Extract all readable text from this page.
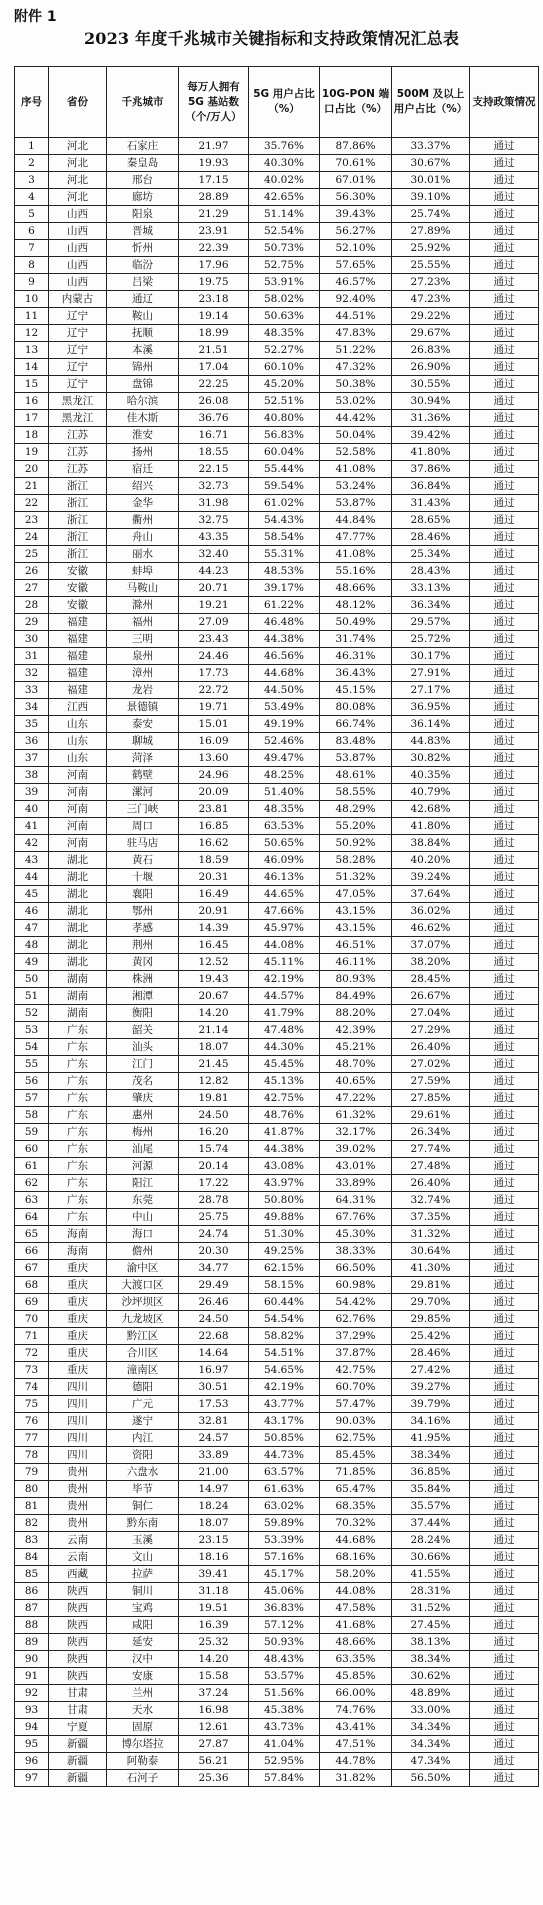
附件 1
2023 年度千兆城市关键指标和支持政策情况汇总表
序号	省份	千兆城市	每万人拥有 5G 基站数（个/万人）	5G 用户占比（%）	10G-PON 端口占比（%）	500M 及以上用户占比（%）	支持政策情况
1	河北	石家庄	21.97	35.76%	87.86%	33.37%	通过
2	河北	秦皇岛	19.93	40.30%	70.61%	30.67%	通过
3	河北	邢台	17.15	40.02%	67.01%	30.01%	通过
4	河北	廊坊	28.89	42.65%	56.30%	39.10%	通过
5	山西	阳泉	21.29	51.14%	39.43%	25.74%	通过
6	山西	晋城	23.91	52.54%	56.27%	27.89%	通过
7	山西	忻州	22.39	50.73%	52.10%	25.92%	通过
8	山西	临汾	17.96	52.75%	57.65%	25.55%	通过
9	山西	吕梁	19.75	53.91%	46.57%	27.23%	通过
10	内蒙古	通辽	23.18	58.02%	92.40%	47.23%	通过
11	辽宁	鞍山	19.14	50.63%	44.51%	29.22%	通过
12	辽宁	抚顺	18.99	48.35%	47.83%	29.67%	通过
13	辽宁	本溪	21.51	52.27%	51.22%	26.83%	通过
14	辽宁	锦州	17.04	60.10%	47.32%	26.90%	通过
15	辽宁	盘锦	22.25	45.20%	50.38%	30.55%	通过
16	黑龙江	哈尔滨	26.08	52.51%	53.02%	30.94%	通过
17	黑龙江	佳木斯	36.76	40.80%	44.42%	31.36%	通过
18	江苏	淮安	16.71	56.83%	50.04%	39.42%	通过
19	江苏	扬州	18.55	60.04%	52.58%	41.80%	通过
20	江苏	宿迁	22.15	55.44%	41.08%	37.86%	通过
21	浙江	绍兴	32.73	59.54%	53.24%	36.84%	通过
22	浙江	金华	31.98	61.02%	53.87%	31.43%	通过
23	浙江	衢州	32.75	54.43%	44.84%	28.65%	通过
24	浙江	舟山	43.35	58.54%	47.77%	28.46%	通过
25	浙江	丽水	32.40	55.31%	41.08%	25.34%	通过
26	安徽	蚌埠	44.23	48.53%	55.16%	28.43%	通过
27	安徽	马鞍山	20.71	39.17%	48.66%	33.13%	通过
28	安徽	滁州	19.21	61.22%	48.12%	36.34%	通过
29	福建	福州	27.09	46.48%	50.49%	29.57%	通过
30	福建	三明	23.43	44.38%	31.74%	25.72%	通过
31	福建	泉州	24.46	46.56%	46.31%	30.17%	通过
32	福建	漳州	17.73	44.68%	36.43%	27.91%	通过
33	福建	龙岩	22.72	44.50%	45.15%	27.17%	通过
34	江西	景德镇	19.71	53.49%	80.08%	36.95%	通过
35	山东	泰安	15.01	49.19%	66.74%	36.14%	通过
36	山东	聊城	16.09	52.46%	83.48%	44.83%	通过
37	山东	菏泽	13.60	49.47%	53.87%	30.82%	通过
38	河南	鹤壁	24.96	48.25%	48.61%	40.35%	通过
39	河南	漯河	20.09	51.40%	58.55%	40.79%	通过
40	河南	三门峡	23.81	48.35%	48.29%	42.68%	通过
41	河南	周口	16.85	63.53%	55.20%	41.80%	通过
42	河南	驻马店	16.62	50.65%	50.92%	38.84%	通过
43	湖北	黄石	18.59	46.09%	58.28%	40.20%	通过
44	湖北	十堰	20.31	46.13%	51.32%	39.24%	通过
45	湖北	襄阳	16.49	44.65%	47.05%	37.64%	通过
46	湖北	鄂州	20.91	47.66%	43.15%	36.02%	通过
47	湖北	孝感	14.39	45.97%	43.15%	46.62%	通过
48	湖北	荆州	16.45	44.08%	46.51%	37.07%	通过
49	湖北	黄冈	12.52	45.11%	46.11%	38.20%	通过
50	湖南	株洲	19.43	42.19%	80.93%	28.45%	通过
51	湖南	湘潭	20.67	44.57%	84.49%	26.67%	通过
52	湖南	衡阳	14.20	41.79%	88.20%	27.04%	通过
53	广东	韶关	21.14	47.48%	42.39%	27.29%	通过
54	广东	汕头	18.07	44.30%	45.21%	26.40%	通过
55	广东	江门	21.45	45.45%	48.70%	27.02%	通过
56	广东	茂名	12.82	45.13%	40.65%	27.59%	通过
57	广东	肇庆	19.81	42.75%	47.22%	27.85%	通过
58	广东	惠州	24.50	48.76%	61.32%	29.61%	通过
59	广东	梅州	16.20	41.87%	32.17%	26.34%	通过
60	广东	汕尾	15.74	44.38%	39.02%	27.74%	通过
61	广东	河源	20.14	43.08%	43.01%	27.48%	通过
62	广东	阳江	17.22	43.97%	33.89%	26.40%	通过
63	广东	东莞	28.78	50.80%	64.31%	32.74%	通过
64	广东	中山	25.75	49.88%	67.76%	37.35%	通过
65	海南	海口	24.74	51.30%	45.30%	31.32%	通过
66	海南	儋州	20.30	49.25%	38.33%	30.64%	通过
67	重庆	渝中区	34.77	62.15%	66.50%	41.30%	通过
68	重庆	大渡口区	29.49	58.15%	60.98%	29.81%	通过
69	重庆	沙坪坝区	26.46	60.44%	54.42%	29.70%	通过
70	重庆	九龙坡区	24.50	54.54%	62.76%	29.85%	通过
71	重庆	黔江区	22.68	58.82%	37.29%	25.42%	通过
72	重庆	合川区	14.64	54.51%	37.87%	28.46%	通过
73	重庆	潼南区	16.97	54.65%	42.75%	27.42%	通过
74	四川	德阳	30.51	42.19%	60.70%	39.27%	通过
75	四川	广元	17.53	43.77%	57.47%	39.79%	通过
76	四川	遂宁	32.81	43.17%	90.03%	34.16%	通过
77	四川	内江	24.57	50.85%	62.75%	41.95%	通过
78	四川	资阳	33.89	44.73%	85.45%	38.34%	通过
79	贵州	六盘水	21.00	63.57%	71.85%	36.85%	通过
80	贵州	毕节	14.97	61.63%	65.47%	35.84%	通过
81	贵州	铜仁	18.24	63.02%	68.35%	35.57%	通过
82	贵州	黔东南	18.07	59.89%	70.32%	37.44%	通过
83	云南	玉溪	23.15	53.39%	44.68%	28.24%	通过
84	云南	文山	18.16	57.16%	68.16%	30.66%	通过
85	西藏	拉萨	39.41	45.17%	58.20%	41.55%	通过
86	陕西	铜川	31.18	45.06%	44.08%	28.31%	通过
87	陕西	宝鸡	19.51	36.83%	47.58%	31.52%	通过
88	陕西	咸阳	16.39	57.12%	41.68%	27.45%	通过
89	陕西	延安	25.32	50.93%	48.66%	38.13%	通过
90	陕西	汉中	14.20	48.43%	63.35%	38.34%	通过
91	陕西	安康	15.58	53.57%	45.85%	30.62%	通过
92	甘肃	兰州	37.24	51.56%	66.00%	48.89%	通过
93	甘肃	天水	16.98	45.38%	74.76%	33.00%	通过
94	宁夏	固原	12.61	43.73%	43.41%	34.34%	通过
95	新疆	博尔塔拉	27.87	41.04%	47.51%	34.34%	通过
96	新疆	阿勒泰	56.21	52.95%	44.78%	47.34%	通过
97	新疆	石河子	25.36	57.84%	31.82%	56.50%	通过
